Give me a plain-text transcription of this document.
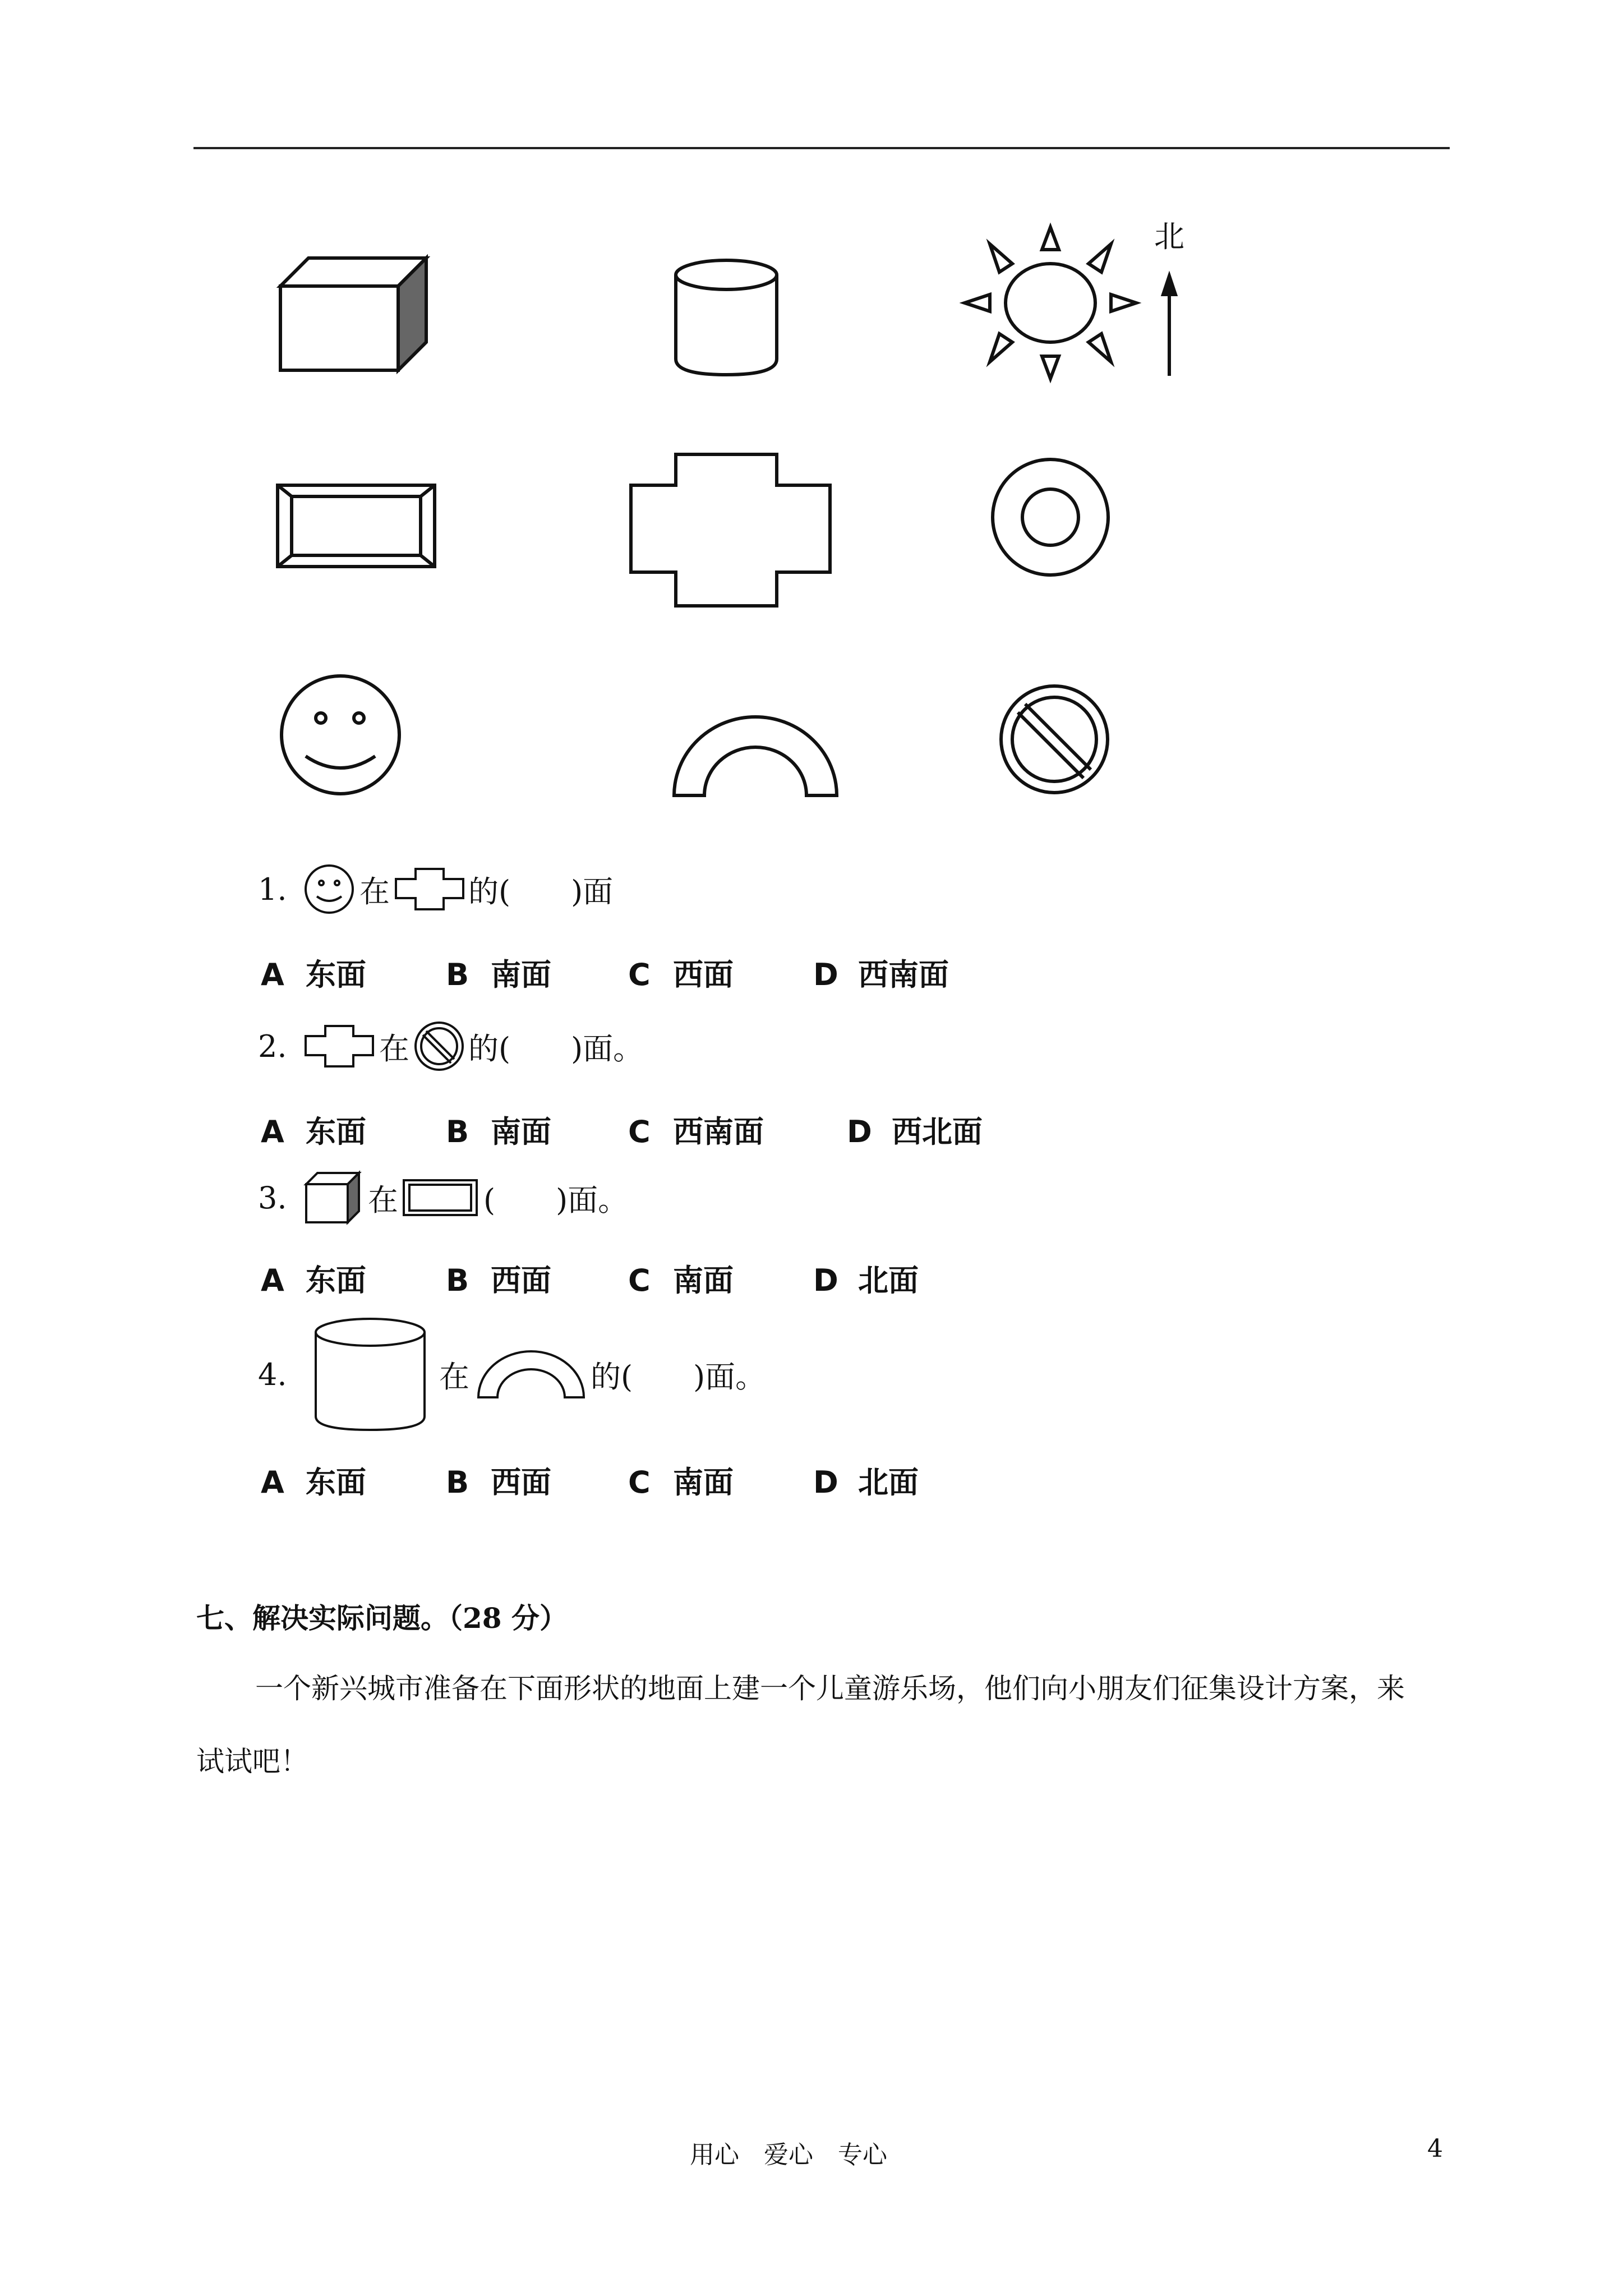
北
1.	在	的(　　)面
A 东面	B 南面	C 西面	D 西南面
2.	在 的(　　)面。
A 东面	B 南面	C 西南面	D 西北面
3.	在	(　　)面。
A 东面	B 西面	C 南面	D 北面
4.	在	的(　　)面。
A 东面	B 西面	C 南面	D 北面
七、解决实际问题。（28 分）
一个新兴城市准备在下面形状的地面上建一个儿童游乐场，他们向小朋友们征集设计方案，来
试试吧！
用心　爱心　专心	4
